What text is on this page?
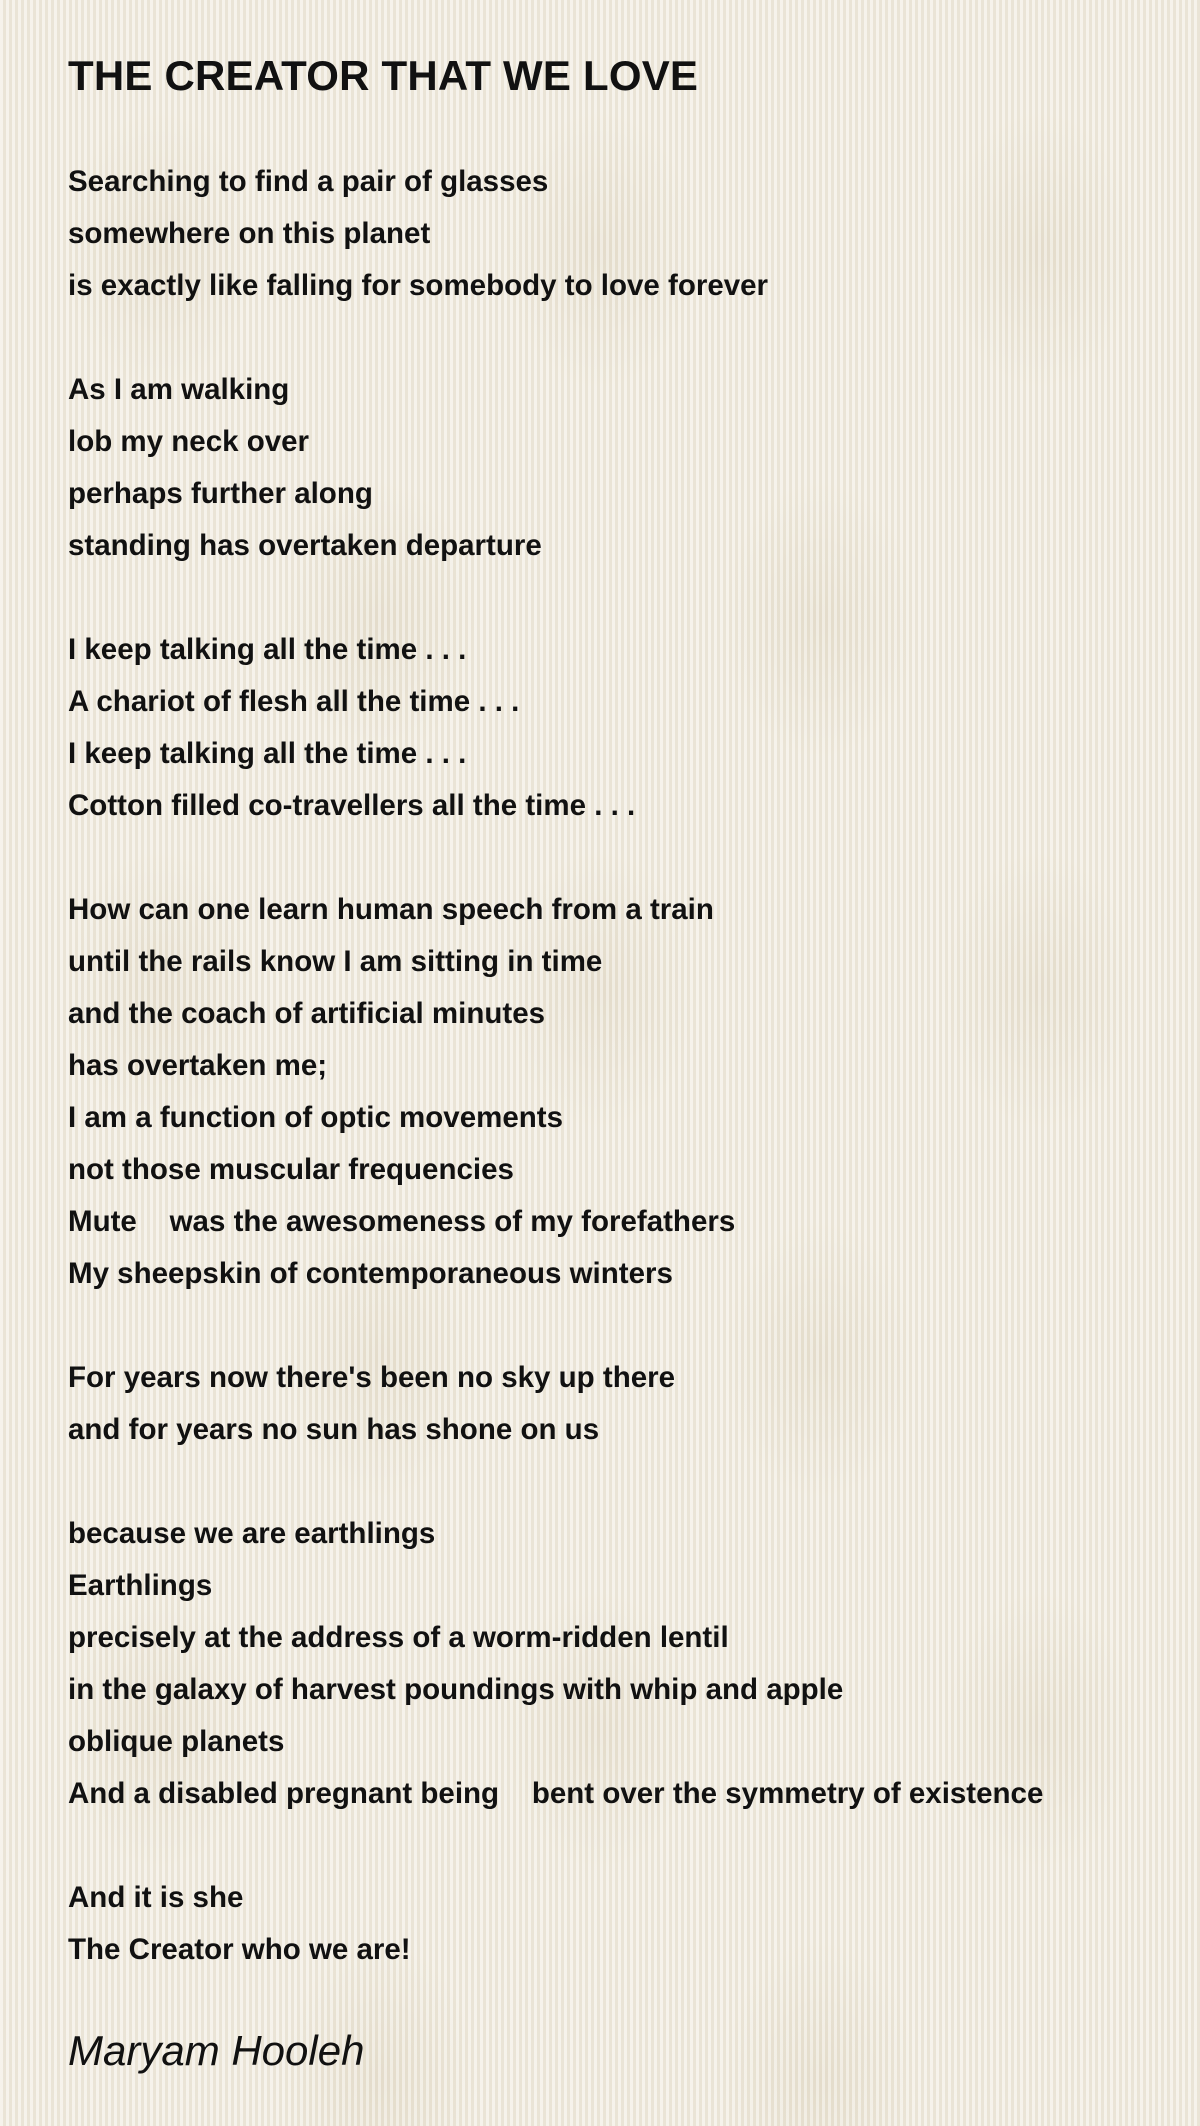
THE CREATOR THAT WE LOVE
Searching to find a pair of glasses
somewhere on this planet
is exactly like falling for somebody to love forever
As I am walking
lob my neck over
perhaps further along
standing has overtaken departure
I keep talking all the time . . .
A chariot of flesh all the time . . .
I keep talking all the time . . .
Cotton filled co-travellers all the time . . .
How can one learn human speech from a train
until the rails know I am sitting in time
and the coach of artificial minutes
has overtaken me;
I am a function of optic movements
not those muscular frequencies
Mute    was the awesomeness of my forefathers
My sheepskin of contemporaneous winters
For years now there's been no sky up there
and for years no sun has shone on us
because we are earthlings
Earthlings
precisely at the address of a worm-ridden lentil
in the galaxy of harvest poundings with whip and apple
oblique planets
And a disabled pregnant being    bent over the symmetry of existence
And it is she
The Creator who we are!
Maryam Hooleh
